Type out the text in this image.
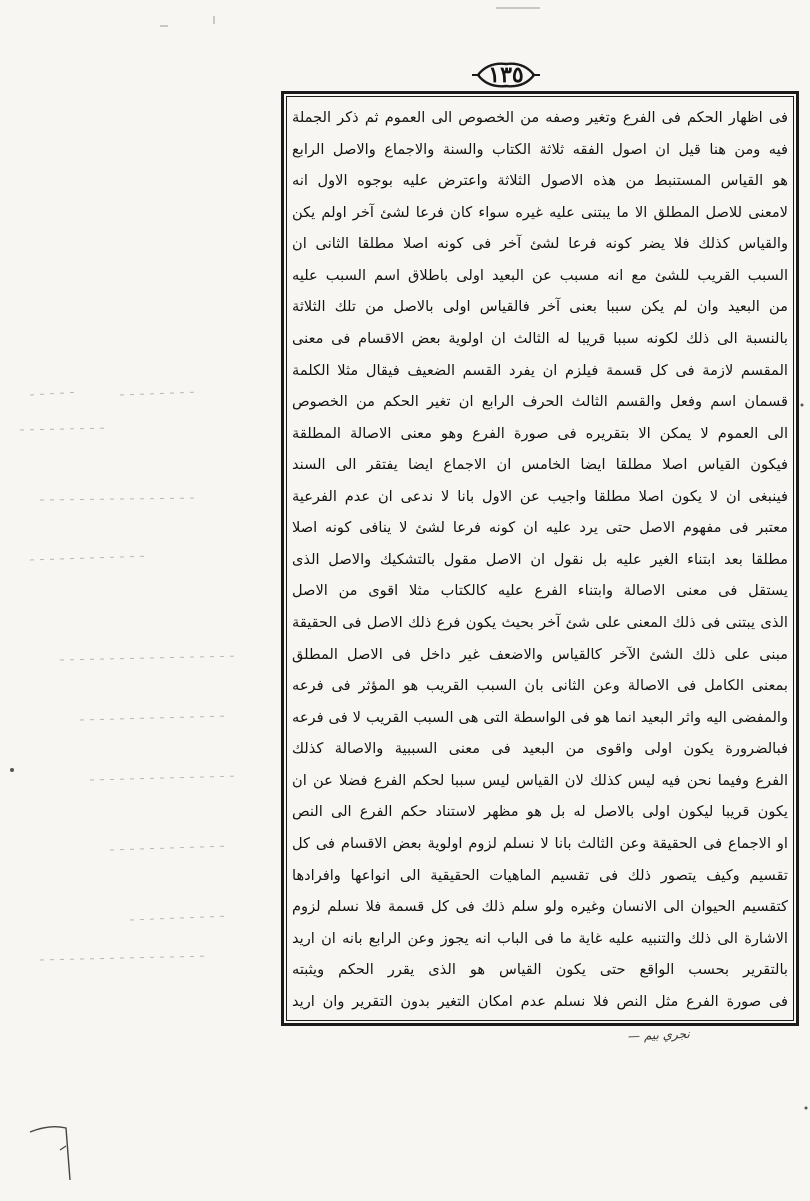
١٣٥
فى اظهار الحكم فى الفرع وتغير وصفه من الخصوص الى العموم ثم ذكر الجملة
فيه ومن هنا قيل ان اصول الفقه ثلاثة الكتاب والسنة والاجماع والاصل الرابع
هو القياس المستنبط من هذه الاصول الثلاثة واعترض عليه بوجوه الاول انه
لامعنى للاصل المطلق الا ما يبتنى عليه غيره سواء كان فرعا لشئ آخر اولم يكن
والقياس كذلك فلا يضر كونه فرعا لشئ آخر فى كونه اصلا مطلقا الثانى ان
السبب القريب للشئ مع انه مسبب عن البعيد اولى باطلاق اسم السبب عليه
من البعيد وان لم يكن سببا بعنى آخر فالقياس اولى بالاصل من تلك الثلاثة
بالنسبة الى ذلك لكونه سببا قريبا له الثالث ان اولوية بعض الاقسام فى معنى
المقسم لازمة فى كل قسمة فيلزم ان يفرد القسم الضعيف فيقال مثلا الكلمة
قسمان اسم وفعل والقسم الثالث الحرف الرابع ان تغير الحكم من الخصوص
الى العموم لا يمكن الا بتقريره فى صورة الفرع وهو معنى الاصالة المطلقة
فيكون القياس اصلا مطلقا ايضا الخامس ان الاجماع ايضا يفتقر الى السند
فينبغى ان لا يكون اصلا مطلقا واجيب عن الاول بانا لا ندعى ان عدم الفرعية
معتبر فى مفهوم الاصل حتى يرد عليه ان كونه فرعا لشئ لا ينافى كونه اصلا
مطلقا بعد ابتناء الغير عليه بل نقول ان الاصل مقول بالتشكيك والاصل الذى
يستقل فى معنى الاصالة وابتناء الفرع عليه كالكتاب مثلا اقوى من الاصل
الذى يبتنى فى ذلك المعنى على شئ آخر بحيث يكون فرع ذلك الاصل فى الحقيقة
مبنى على ذلك الشئ الآخر كالقياس والاضعف غير داخل فى الاصل المطلق
بمعنى الكامل فى الاصالة وعن الثانى بان السبب القريب هو المؤثر فى فرعه
والمفضى اليه واثر البعيد انما هو فى الواسطة التى هى السبب القريب لا فى فرعه
فبالضرورة يكون اولى واقوى من البعيد فى معنى السببية والاصالة كذلك
الفرع وفيما نحن فيه ليس كذلك لان القياس ليس سببا لحكم الفرع فضلا عن ان
يكون قريبا ليكون اولى بالاصل له بل هو مظهر لاستناد حكم الفرع الى النص
او الاجماع فى الحقيقة وعن الثالث بانا لا نسلم لزوم اولوية بعض الاقسام فى كل
تقسيم وكيف يتصور ذلك فى تقسيم الماهيات الحقيقية الى انواعها وافرادها
كتقسيم الحيوان الى الانسان وغيره ولو سلم ذلك فى كل قسمة فلا نسلم لزوم
الاشارة الى ذلك والتنبيه عليه غاية ما فى الباب انه يجوز وعن الرابع بانه ان اريد
بالتقرير بحسب الواقع حتى يكون القياس هو الذى يقرر الحكم ويثبته
فى صورة الفرع مثل النص فلا نسلم عدم امكان التغير بدون التقرير وان اريد
نجري بيم —
